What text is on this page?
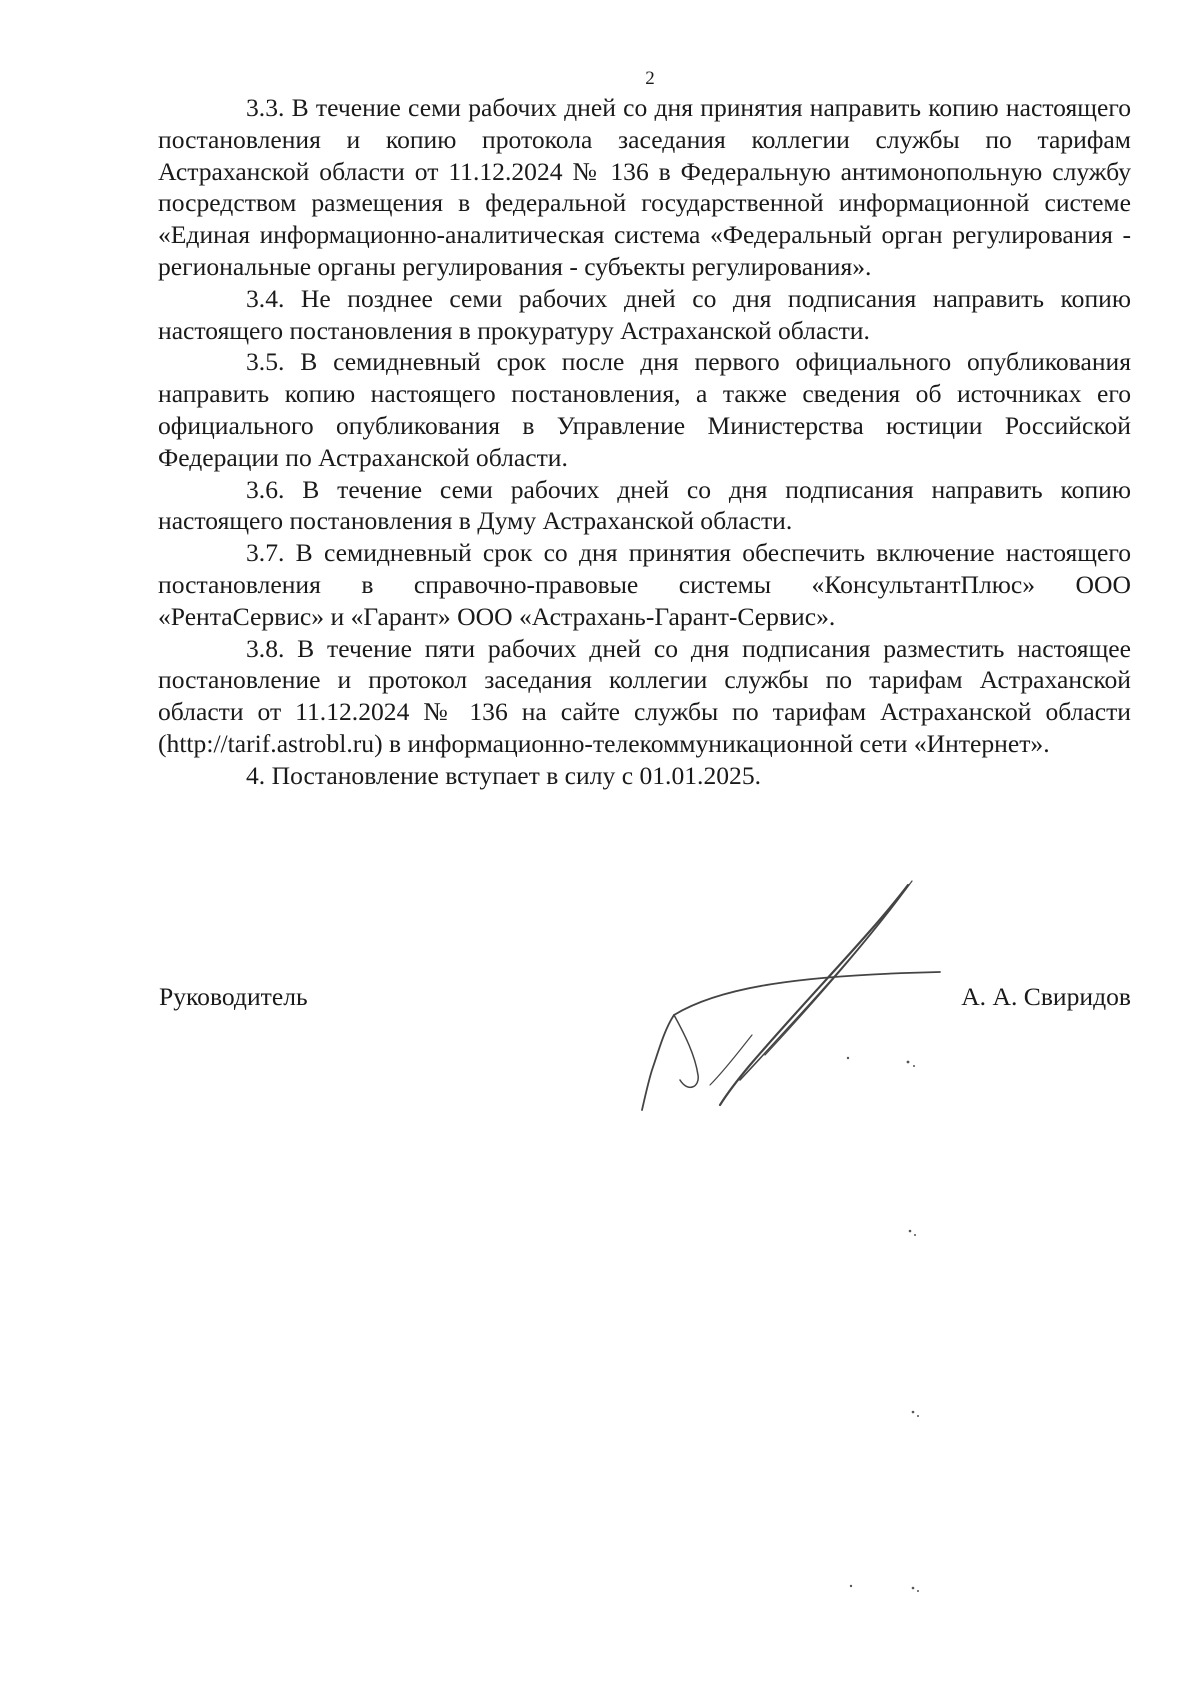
2

3.3. В течение семи рабочих дней со дня принятия направить копию настоящего постановления и копию протокола заседания коллегии службы по тарифам Астраханской области от 11.12.2024 № 136 в Федеральную антимонопольную службу посредством размещения в федеральной государственной информационной системе «Единая информационно-аналитическая система «Федеральный орган регулирования - региональные органы регулирования - субъекты регулирования».

3.4. Не позднее семи рабочих дней со дня подписания направить копию настоящего постановления в прокуратуру Астраханской области.

3.5. В семидневный срок после дня первого официального опубликования направить копию настоящего постановления, а также сведения об источниках его официального опубликования в Управление Министерства юстиции Российской Федерации по Астраханской области.

3.6. В течение семи рабочих дней со дня подписания направить копию настоящего постановления в Думу Астраханской области.

3.7. В семидневный срок со дня принятия обеспечить включение настоящего постановления в справочно-правовые системы «КонсультантПлюс» ООО «РентаСервис» и «Гарант» ООО «Астрахань-Гарант-Сервис».

3.8. В течение пяти рабочих дней со дня подписания разместить настоящее постановление и протокол заседания коллегии службы по тарифам Астраханской области от 11.12.2024 № 136 на сайте службы по тарифам Астраханской области (http://tarif.astrobl.ru) в информационно-телекоммуникационной сети «Интернет».

4. Постановление вступает в силу с 01.01.2025.

Руководитель	А. А. Свиридов
